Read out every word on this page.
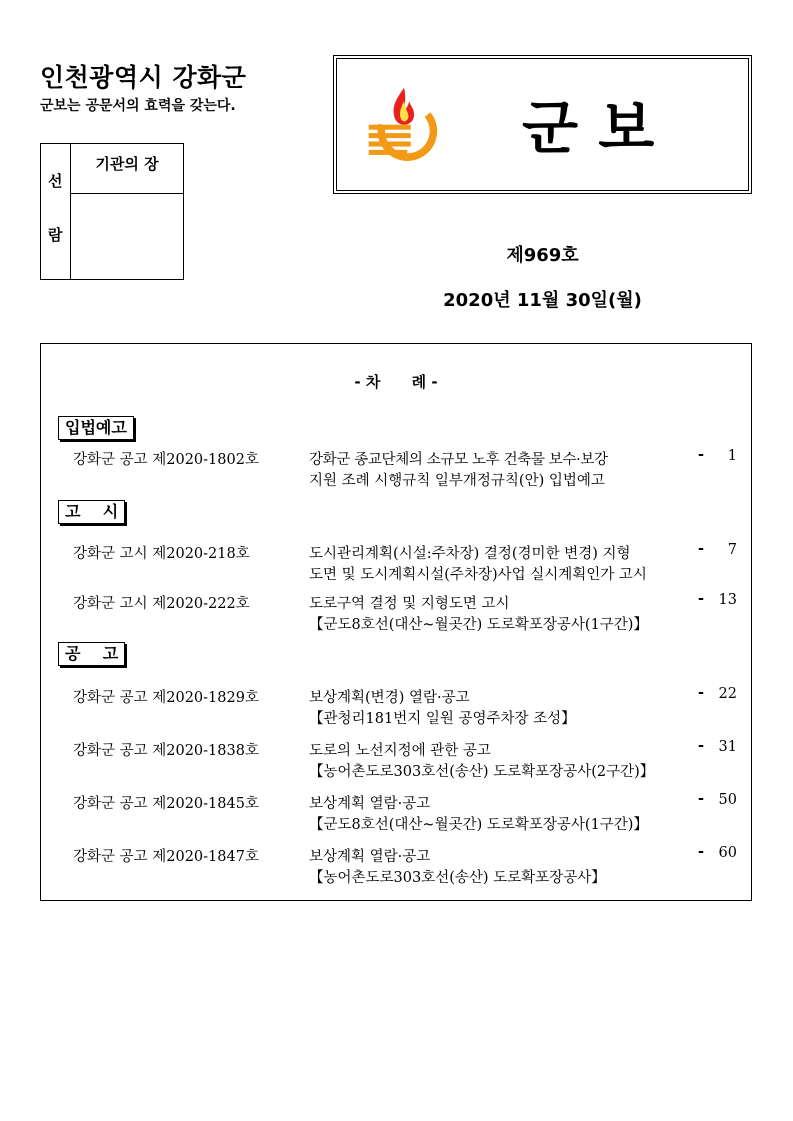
인천광역시 강화군
군보는 공문서의 효력을 갖는다.
선
람
기관의 장
군 보
제969호
2020년 11월 30일(월)
- 차      례 -
입법예고
강화군 공고 제2020-1802호	강화군 종교단체의 소규모 노후 건축물 보수·보강
지원 조례 시행규칙 일부개정규칙(안) 입법예고
- 1
고    시
강화군 고시 제2020-218호	도시관리계획(시설:주차장) 결정(경미한 변경) 지형
도면 및 도시계획시설(주차장)사업 실시계획인가 고시
- 7
강화군 고시 제2020-222호	도로구역 결정 및 지형도면 고시
【군도8호선(대산~월곳간) 도로확포장공사(1구간)】
- 13
공    고
강화군 공고 제2020-1829호	보상계획(변경) 열람·공고
【관청리181번지 일원 공영주차장 조성】
- 22
강화군 공고 제2020-1838호	도로의 노선지정에 관한 공고
【농어촌도로303호선(송산) 도로확포장공사(2구간)】
- 31
강화군 공고 제2020-1845호	보상계획 열람·공고
【군도8호선(대산~월곳간) 도로확포장공사(1구간)】
- 50
강화군 공고 제2020-1847호	보상계획 열람·공고
【농어촌도로303호선(송산) 도로확포장공사】
- 60
